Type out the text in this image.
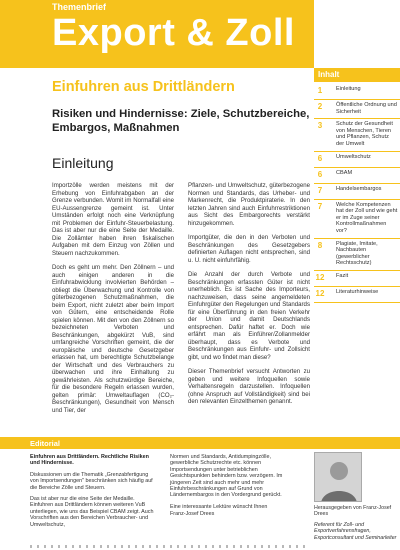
Themenbrief
Export & Zoll	AUGUST
2026
Inhalt
1	Einleitung
2	Öffentliche Ordnung und Sicherheit
3	Schutz der Gesundheit von Menschen, Tieren und Pflanzen, Schutz der Umwelt
6	Umweltschutz
6	CBAM
7	Handelsembargos
7	Welche Kompetenzen hat der Zoll und wie geht er im Zuge seiner Kontrollmaßnahmen vor?
8	Plagiate, Imitate, Nachbauten (gewerblicher Rechtsschutz)
12	Fazit
12	Literaturhinweise
Einfuhren aus Drittländern
Risiken und Hindernisse: Ziele, Schutzbereiche, Embargos, Maßnahmen
Einleitung

Importzölle werden meistens mit der Erhebung von Einfuhrabgaben an der Grenze verbunden. Womit im Normalfall eine EU-Aussengrenze gemeint ist. Unter Umständen erfolgt noch eine Verknüpfung mit Problemen der Einfuhr-Steuerbelastung. Das ist aber nur die eine Seite der Medaille. Die Zollämter haben ihren fiskalischen Aufgaben mit dem Einzug von Zöllen und Steuern nachzukommen.

Doch es geht um mehr. Den Zöllnern – und auch einigen anderen in die Einfuhrabwicklung involvierten Behörden – obliegt die Überwachung und Kontrolle von güterbezogenen Schutzmaßnahmen, die beim Export, nicht zuletzt aber beim Import von Gütern, eine entscheidende Rolle spielen können. Mit den von den Zöllnern so bezeichneten Verboten und Beschränkungen, abgekürzt VuB, sind umfangreiche Vorschriften gemeint, die der europäische und deutsche Gesetzgeber erlassen hat, um berechtigte Schutzbelange der Wirtschaft und des Verbrauchers zu überwachen und ihre Einhaltung zu gewährleisten. Als schutzwürdige Bereiche, für die besondere Regeln erlassen wurden, gelten primär: Umweltauflagen (CO₂-Beschränkungen), Gesundheit von Mensch und Tier, der

Pflanzen- und Umweltschutz, güterbezogene Normen und Standards, das Urheber- und Markenrecht, die Produktpiraterie. In den letzten Jahren sind auch Einfuhrrestriktionen aus Sicht des Embargorechts verstärkt hinzugekommen.

Importgüter, die den in den Verboten und Beschränkungen des Gesetzgebers definierten Auflagen nicht entsprechen, sind u. U. nicht einfuhrfähig.

Die Anzahl der durch Verbote und Beschränkungen erfassten Güter ist nicht unerheblich. Es ist Sache des Importeurs, nachzuweisen, dass seine angemeldeten Einfuhrgüter den Regelungen und Standards für eine Überführung in den freien Verkehr der Union und damit Deutschlands entsprechen. Dafür haftet er. Doch wie erfährt man als Einführer/Zollanmelder überhaupt, dass es Verbote und Beschränkungen aus Einfuhr- und Zollsicht gibt, und wo findet man diese?

Dieser Themenbrief versucht Antworten zu geben und weitere Infoquellen sowie Verhaltensregeln darzustellen. Infoquellen (ohne Anspruch auf Vollständigkeit) sind bei den relevanten Einzelthemen genannt.

Editorial

Einfuhren aus Drittländern. Rechtliche Risiken und Hindernisse.

Diskussionen um die Thematik „Grenzabfertigung von Importsendungen" beschränken sich häufig auf die Bereiche Zölle und Steuern.

Das ist aber nur die eine Seite der Medaille. Einfuhren aus Drittländern können weiteren VuB unterliegen, wie uns das Beispiel CBAM zeigt. Auch Vorschriften aus den Bereichen Verbraucher- und Umweltschutz,

Normen und Standards, Antidumpingzölle, gewerbliche Schutzrechte etc. können Importsendungen unter betrieblichen Gesichtspunkten behindern bzw. verzögern. Im jüngeren Zeit sind auch mehr und mehr Einfuhrbeschränkungen auf Grund von Ländernembargos in den Vordergrund gerückt.

Eine interessante Lektüre wünscht Ihnen

Franz-Josef Drees

Herausgegeben von Franz-Josef Drees
Referent für Zoll- und Exportverfahrensfragen, Exportconsultant und Seminarleiter
